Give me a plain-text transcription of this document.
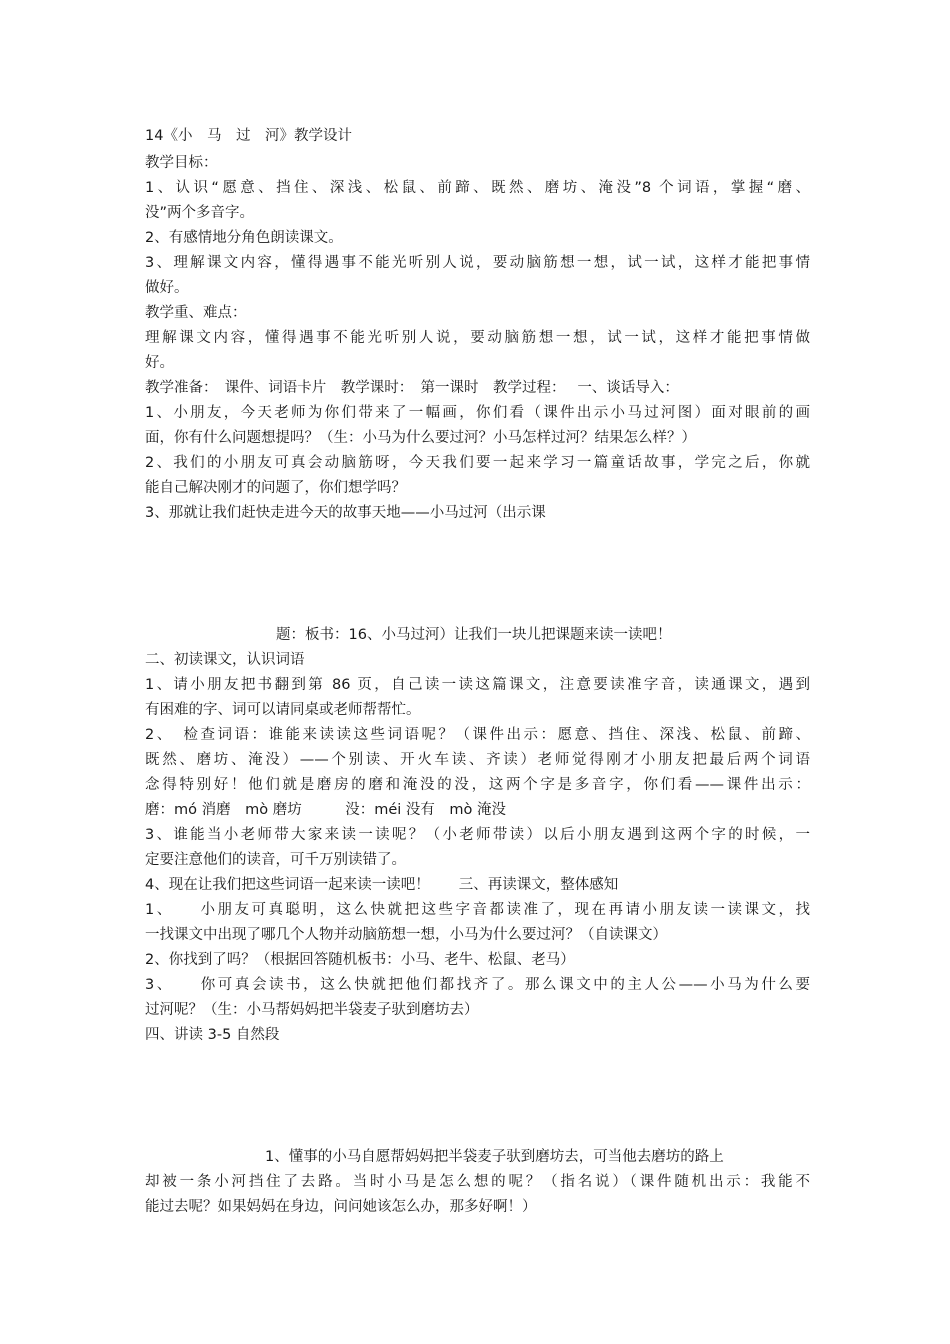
14《小　马　过　河》教学设计
教学目标：
1、认识“愿意、挡住、深浅、松鼠、前蹄、既然、磨坊、淹没”8 个词语，掌握“磨、
没”两个多音字。
2、有感情地分角色朗读课文。
3、理解课文内容，懂得遇事不能光听别人说，要动脑筋想一想，试一试，这样才能把事情
做好。
教学重、难点：
理解课文内容，懂得遇事不能光听别人说，要动脑筋想一想，试一试，这样才能把事情做
好。
教学准备：　课件、词语卡片　教学课时：　第一课时　教学过程：　 一、谈话导入：
1、小朋友，今天老师为你们带来了一幅画，你们看（课件出示小马过河图）面对眼前的画
面，你有什么问题想提吗？（生：小马为什么要过河？小马怎样过河？结果怎么样？）
2、我们的小朋友可真会动脑筋呀，今天我们要一起来学习一篇童话故事，学完之后，你就
能自己解决刚才的问题了，你们想学吗？
3、那就让我们赶快走进今天的故事天地——小马过河（出示课
题：板书：16、小马过河）让我们一块儿把课题来读一读吧！
二、初读课文，认识词语
1、请小朋友把书翻到第 86 页，自己读一读这篇课文，注意要读准字音，读通课文，遇到
有困难的字、词可以请同桌或老师帮帮忙。
2、　检查词语：谁能来读读这些词语呢？（课件出示：愿意、挡住、深浅、松鼠、前蹄、
既然、磨坊、淹没）——个别读、开火车读、齐读）老师觉得刚才小朋友把最后两个词语
念得特别好！他们就是磨房的磨和淹没的没，这两个字是多音字，你们看——课件出示：
磨：mó 消磨　mò 磨坊　　　没：méi 没有　mò 淹没
3、谁能当小老师带大家来读一读呢？（小老师带读）以后小朋友遇到这两个字的时候，一
定要注意他们的读音，可千万别读错了。
4、现在让我们把这些词语一起来读一读吧！　　三、再读课文，整体感知
1、　　小朋友可真聪明，这么快就把这些字音都读准了，现在再请小朋友读一读课文，找
一找课文中出现了哪几个人物并动脑筋想一想，小马为什么要过河？（自读课文）
2、你找到了吗？（根据回答随机板书：小马、老牛、松鼠、老马）
3、　　你可真会读书，这么快就把他们都找齐了。那么课文中的主人公——小马为什么要
过河呢？（生：小马帮妈妈把半袋麦子驮到磨坊去）
四、讲读 3-5 自然段
1、懂事的小马自愿帮妈妈把半袋麦子驮到磨坊去，可当他去磨坊的路上
却被一条小河挡住了去路。当时小马是怎么想的呢？（指名说）（课件随机出示：我能不
能过去呢？如果妈妈在身边，问问她该怎么办，那多好啊！）
